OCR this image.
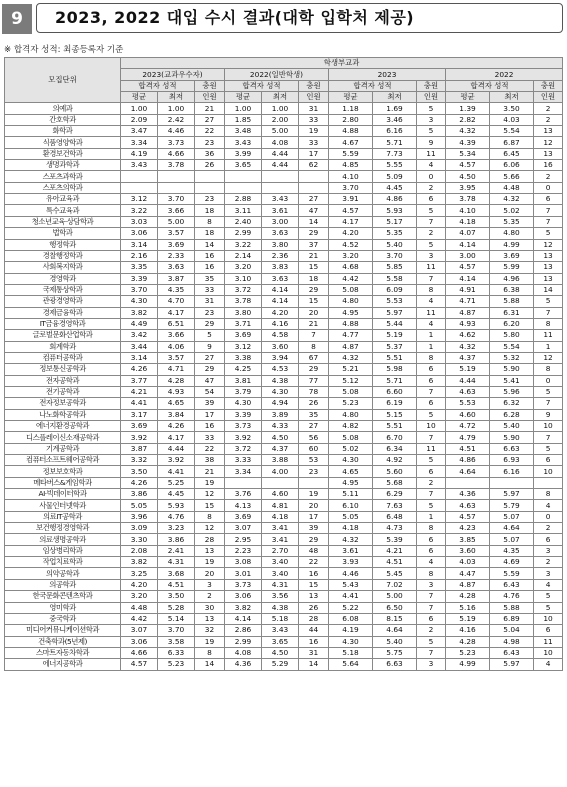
9	2023, 2022 대입 수시 결과(대학 입학처 제공)
※ 합격자 성적: 최종등록자 기준
모집단위	학생부교과											
	2023(교과우수자)			2022(일반학생)			2023			2022		
	합격자 성적		충원	합격자 성적		충원	합격자 성적		충원	합격자 성적		충원
	평균	최저	인원	평균	최저	인원	평균	최저	인원	평균	최저	인원
의예과	1.00	1.00	21	1.00	1.00	31	1.18	1.69	5	1.39	3.50	2
간호학과	2.09	2.42	27	1.85	2.00	33	2.80	3.46	3	2.82	4.03	2
화학과	3.47	4.46	22	3.48	5.00	19	4.88	6.16	5	4.32	5.54	13
식품영양학과	3.34	3.73	23	3.43	4.08	33	4.67	5.71	9	4.39	6.87	12
환경보건학과	4.19	4.66	36	3.99	4.44	17	5.59	7.73	11	5.34	6.45	13
생명과학과	3.43	3.78	26	3.65	4.44	62	4.85	5.55	4	4.57	6.06	16
스포츠과학과							4.10	5.09	0	4.50	5.66	2
스포츠의학과							3.70	4.45	2	3.95	4.48	0
유아교육과	3.12	3.70	23	2.88	3.43	27	3.91	4.86	6	3.78	4.32	6
특수교육과	3.22	3.66	18	3.11	3.61	47	4.57	5.93	5	4.10	5.02	7
청소년교육·상담학과	3.03	5.00	8	2.40	3.00	14	4.17	5.17	7	4.18	5.35	7
법학과	3.06	3.57	18	2.99	3.63	29	4.20	5.35	2	4.07	4.80	5
행정학과	3.14	3.69	14	3.22	3.80	37	4.52	5.40	5	4.14	4.99	12
경찰행정학과	2.16	2.33	16	2.14	2.36	21	3.20	3.70	3	3.00	3.69	13
사회복지학과	3.35	3.63	16	3.20	3.83	15	4.68	5.85	11	4.57	5.99	13
경영학과	3.39	3.87	35	3.10	3.63	18	4.42	5.58	7	4.14	4.96	13
국제통상학과	3.70	4.35	33	3.72	4.14	29	5.08	6.09	8	4.91	6.38	14
관광경영학과	4.30	4.70	31	3.78	4.14	15	4.80	5.53	4	4.71	5.88	5
경제금융학과	3.82	4.17	23	3.80	4.20	20	4.95	5.97	11	4.87	6.31	7
IT금융경영학과	4.49	6.51	29	3.71	4.16	21	4.88	5.44	4	4.93	6.20	8
글로벌문화산업학과	3.42	3.66	5	3.69	4.58	7	4.77	5.19	1	4.62	5.80	11
회계학과	3.44	4.06	9	3.12	3.60	8	4.87	5.37	1	4.32	5.54	1
컴퓨터공학과	3.14	3.57	27	3.38	3.94	67	4.32	5.51	8	4.37	5.32	12
정보통신공학과	4.26	4.71	29	4.25	4.53	29	5.21	5.98	6	5.19	5.90	8
전자공학과	3.77	4.28	47	3.81	4.38	77	5.12	5.71	6	4.44	5.41	0
전기공학과	4.21	4.93	54	3.79	4.30	78	5.08	6.60	7	4.63	5.96	5
전자정보공학과	4.41	4.65	39	4.30	4.94	26	5.23	6.19	6	5.53	6.32	7
나노화학공학과	3.17	3.84	17	3.39	3.89	35	4.80	5.15	5	4.60	6.28	9
에너지환경공학과	3.69	4.26	16	3.73	4.33	27	4.82	5.51	10	4.72	5.40	10
디스플레이신소재공학과	3.92	4.17	33	3.92	4.50	56	5.08	6.70	7	4.79	5.90	7
기계공학과	3.87	4.44	22	3.72	4.37	60	5.02	6.34	11	4.51	6.63	5
컴퓨터소프트웨어공학과	3.32	3.92	38	3.33	3.88	53	4.30	4.92	5	4.86	6.93	6
정보보호학과	3.50	4.41	21	3.34	4.00	23	4.65	5.60	6	4.64	6.16	10
메타버스&게임학과	4.26	5.25	19				4.95	5.68	2			
AI·빅데이터학과	3.86	4.45	12	3.76	4.60	19	5.11	6.29	7	4.36	5.97	8
사물인터넷학과	5.05	5.93	15	4.13	4.81	20	6.10	7.63	5	4.63	5.79	4
의료IT공학과	3.96	4.76	8	3.69	4.18	17	5.05	6.48	1	4.57	5.07	0
보건행정경영학과	3.09	3.23	12	3.07	3.41	39	4.18	4.73	8	4.23	4.64	2
의료생명공학과	3.30	3.86	28	2.95	3.41	29	4.32	5.39	6	3.85	5.07	6
임상병리학과	2.08	2.41	13	2.23	2.70	48	3.61	4.21	6	3.60	4.35	3
작업치료학과	3.82	4.31	19	3.08	3.40	22	3.93	4.51	4	4.03	4.69	2
의약공학과	3.25	3.68	20	3.01	3.40	16	4.46	5.45	8	4.47	5.59	3
의공학과	4.20	4.51	3	3.73	4.31	15	5.43	7.02	3	4.87	6.43	4
한국문화콘텐츠학과	3.20	3.50	2	3.06	3.56	13	4.41	5.00	7	4.28	4.76	5
영미학과	4.48	5.28	30	3.82	4.38	26	5.22	6.50	7	5.16	5.88	5
중국학과	4.42	5.14	13	4.14	5.18	28	6.08	8.15	6	5.19	6.89	10
미디어커뮤니케이션학과	3.07	3.70	32	2.86	3.43	44	4.19	4.64	2	4.16	5.04	6
건축학과(5년제)	3.06	3.58	19	2.99	3.65	16	4.30	5.40	5	4.28	4.98	11
스마트자동차학과	4.66	6.33	8	4.08	4.50	31	5.18	5.75	7	5.23	6.43	10
에너지공학과	4.57	5.23	14	4.36	5.29	14	5.64	6.63	3	4.99	5.97	4
